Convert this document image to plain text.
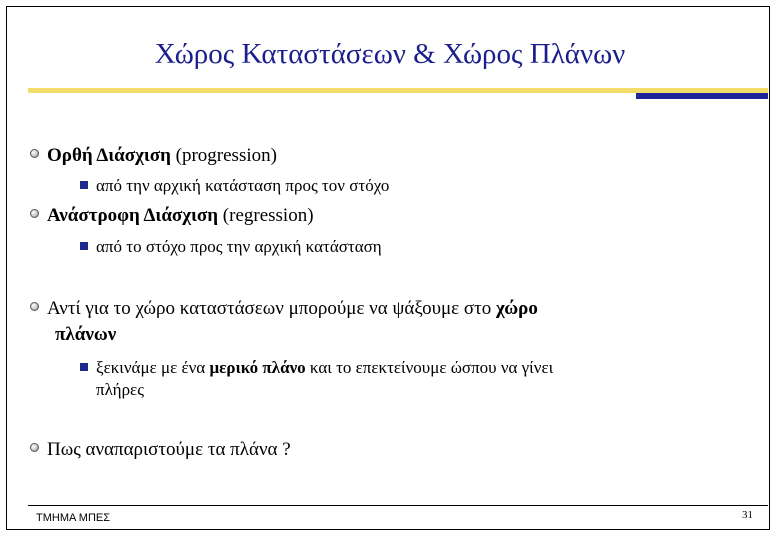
Χώρος Καταστάσεων & Χώρος Πλάνων
Ορθή Διάσχιση (progression)
από την αρχική κατάσταση προς τον στόχο
Ανάστροφη Διάσχιση (regression)
από το στόχο προς την αρχική κατάσταση
Αντί για το χώρο καταστάσεων μπορούμε να ψάξουμε στο χώρο
πλάνων
ξεκινάμε με ένα μερικό πλάνο και το επεκτείνουμε ώσπου να γίνει
πλήρες
Πως αναπαριστούμε τα πλάνα ?
ΤΜΗΜΑ ΜΠΕΣ	31
